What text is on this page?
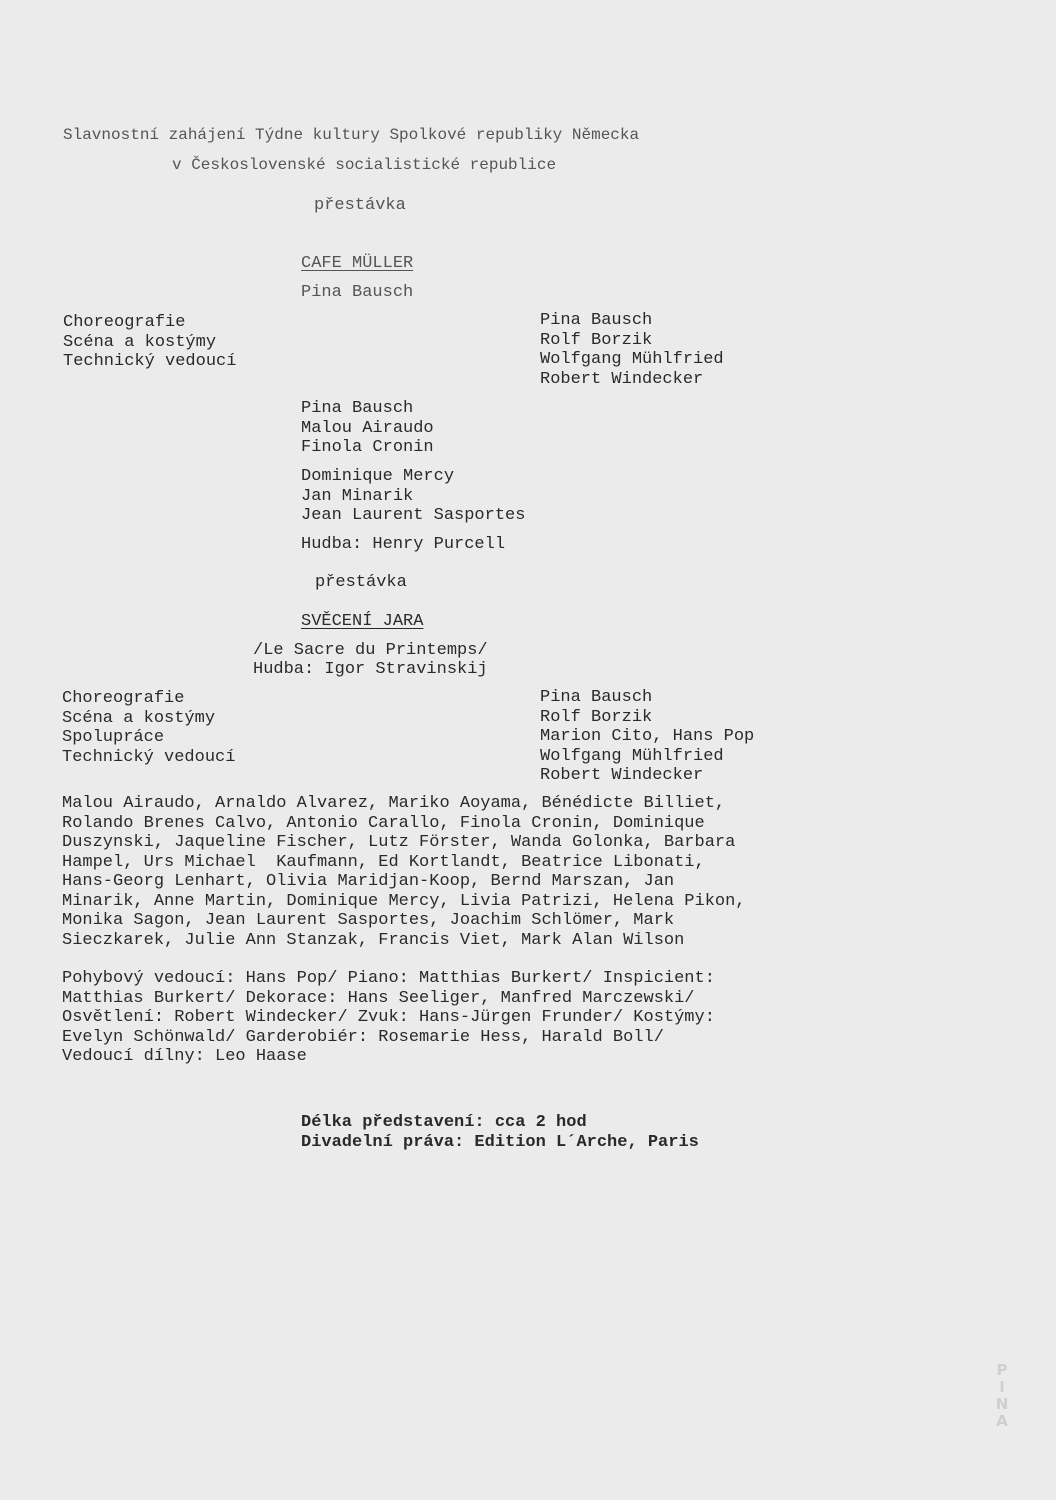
Slavnostní zahájení Týdne kultury Spolkové republiky Německa
v Československé socialistické republice
přestávka
CAFE MÜLLER
Pina Bausch
Choreografie
Scéna a kostýmy
Technický vedoucí
Pina Bausch
Rolf Borzik
Wolfgang Mühlfried
Robert Windecker
Pina Bausch
Malou Airaudo
Finola Cronin
Dominique Mercy
Jan Minarik
Jean Laurent Sasportes
Hudba: Henry Purcell
přestávka
SVĚCENÍ JARA
/Le Sacre du Printemps/
Hudba: Igor Stravinskij
Choreografie
Scéna a kostýmy
Spolupráce
Technický vedoucí
Pina Bausch
Rolf Borzik
Marion Cito, Hans Pop
Wolfgang Mühlfried
Robert Windecker
Malou Airaudo, Arnaldo Alvarez, Mariko Aoyama, Bénédicte Billiet,
Rolando Brenes Calvo, Antonio Carallo, Finola Cronin, Dominique
Duszynski, Jaqueline Fischer, Lutz Förster, Wanda Golonka, Barbara
Hampel, Urs Michael  Kaufmann, Ed Kortlandt, Beatrice Libonati,
Hans-Georg Lenhart, Olivia Maridjan-Koop, Bernd Marszan, Jan
Minarik, Anne Martin, Dominique Mercy, Livia Patrizi, Helena Pikon,
Monika Sagon, Jean Laurent Sasportes, Joachim Schlömer, Mark
Sieczkarek, Julie Ann Stanzak, Francis Viet, Mark Alan Wilson
Pohybový vedoucí: Hans Pop/ Piano: Matthias Burkert/ Inspicient:
Matthias Burkert/ Dekorace: Hans Seeliger, Manfred Marczewski/
Osvětlení: Robert Windecker/ Zvuk: Hans-Jürgen Frunder/ Kostýmy:
Evelyn Schönwald/ Garderobiér: Rosemarie Hess, Harald Boll/
Vedoucí dílny: Leo Haase
Délka představení: cca 2 hod
Divadelní práva: Edition L´Arche, Paris
P
I
N
A
